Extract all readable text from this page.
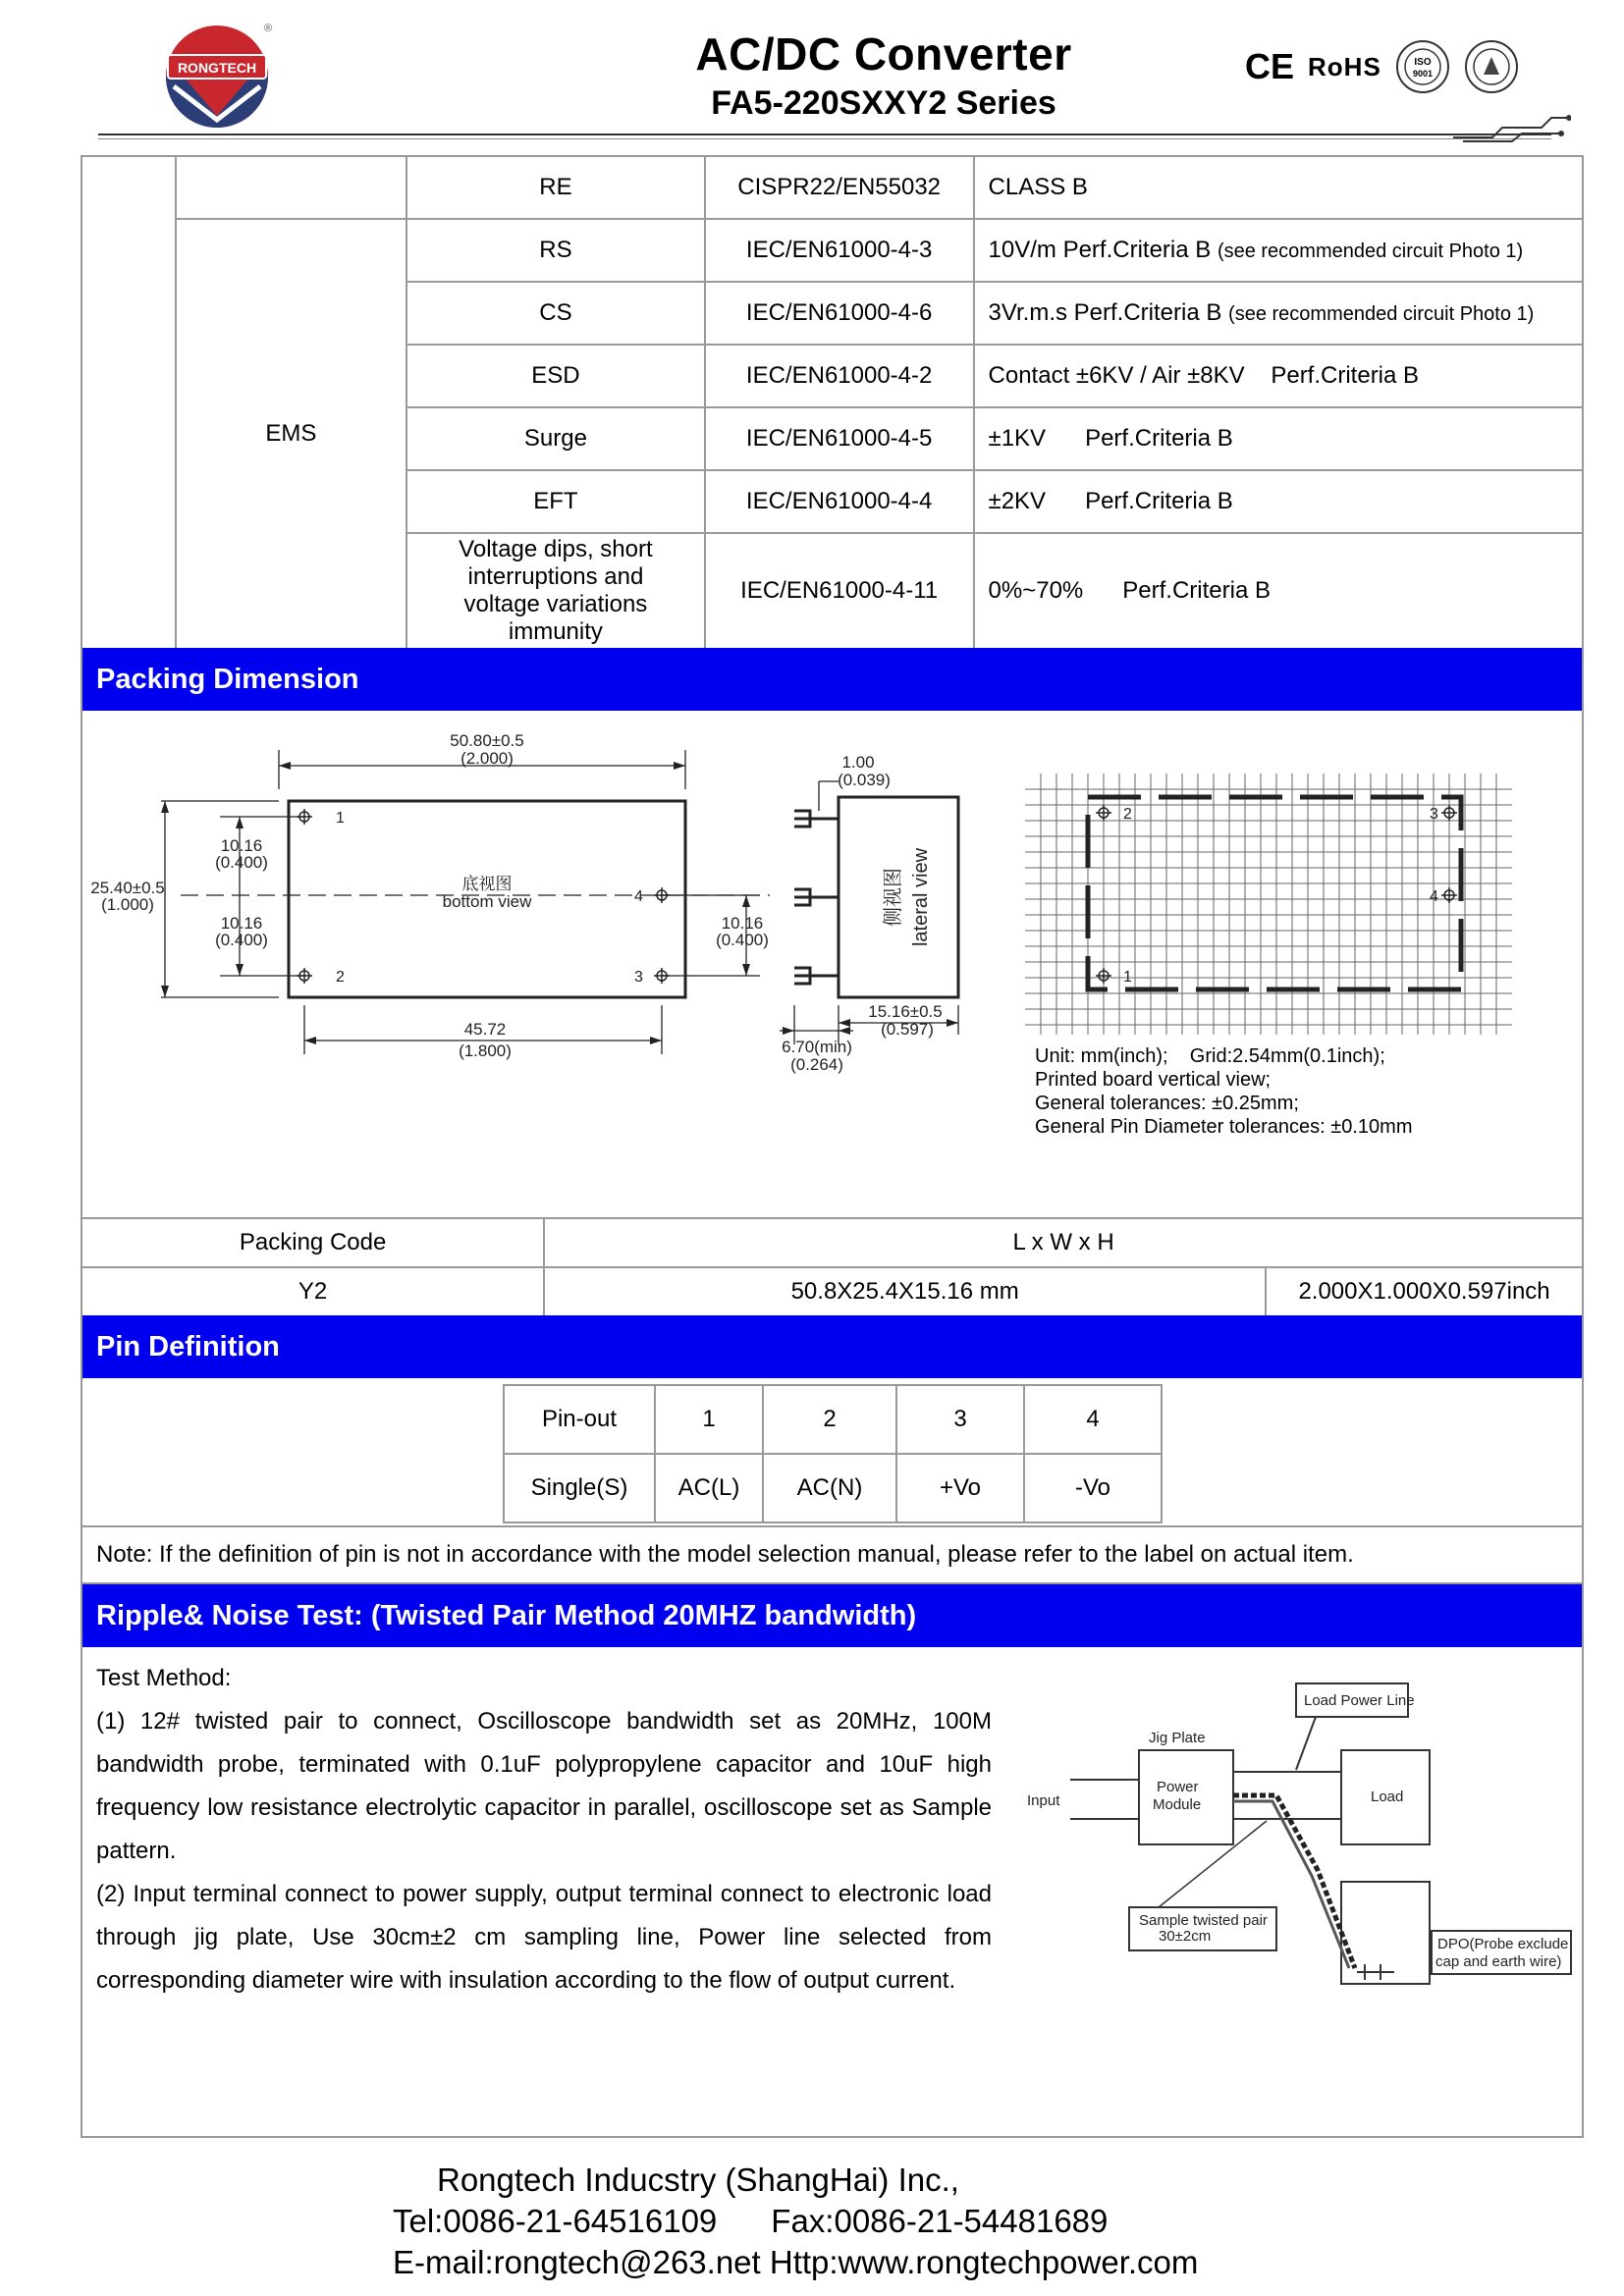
RONGTECH
®	AC/DC Converter
FA5-220SXXY2 Series
CE RoHS	ISO
9001
		RE	CISPR22/EN55032	CLASS B
	EMS	RS	IEC/EN61000-4-3	10V/m Perf.Criteria B (see recommended circuit Photo 1)
		CS	IEC/EN61000-4-6	3Vr.m.s Perf.Criteria B (see recommended circuit Photo 1)
		ESD	IEC/EN61000-4-2	Contact ±6KV / Air ±8KV    Perf.Criteria B
		Surge	IEC/EN61000-4-5	±1KV      Perf.Criteria B
		EFT	IEC/EN61000-4-4	±2KV      Perf.Criteria B
		Voltage dips, short interruptions and voltage variations immunity	IEC/EN61000-4-11	0%~70%      Perf.Criteria B
Packing Dimension
50.80±0.5
(2.000)
25.40±0.5
(1.000)
10.16
(0.400)
10.16
(0.400)
10.16
(0.400)
45.72
(1.800)
底视图
bottom view
1.00
(0.039)
15.16±0.5
(0.597)
6.70(min)
(0.264)
侧视图 lateral view
1
2	3
4
2
1
3
4
Unit: mm(inch);    Grid:2.54mm(0.1inch);
Printed board vertical view;
General tolerances: ±0.25mm;
General Pin Diameter tolerances: ±0.10mm
Packing Code	L x W x H	
Y2	50.8X25.4X15.16 mm	2.000X1.000X0.597inch
Pin Definition
Pin-out	1	2	3	4
Single(S)	AC(L)	AC(N)	+Vo	-Vo
Note: If the definition of pin is not in accordance with the model selection manual, please refer to the label on actual item.
Ripple& Noise Test: (Twisted Pair Method 20MHZ bandwidth)
Test Method:

(1) 12# twisted pair to connect, Oscilloscope bandwidth set as 20MHz, 100M bandwidth probe, terminated with 0.1uF polypropylene capacitor and 10uF high frequency low resistance electrolytic capacitor in parallel, oscilloscope set as Sample pattern.

(2) Input terminal connect to power supply, output terminal connect to electronic load through jig plate, Use 30cm±2 cm sampling line, Power line selected from corresponding diameter wire with insulation according to the flow of output current.

Load Power Line
Jig Plate
Input
Power
Module	Load
Sample twisted pair
30±2cm	DPO(Probe exclude
cap and earth wire)
Rongtech Inducstry (ShangHai) Inc.,
Tel:0086-21-64516109      Fax:0086-21-54481689
E-mail:rongtech@263.net Http:www.rongtechpower.com
